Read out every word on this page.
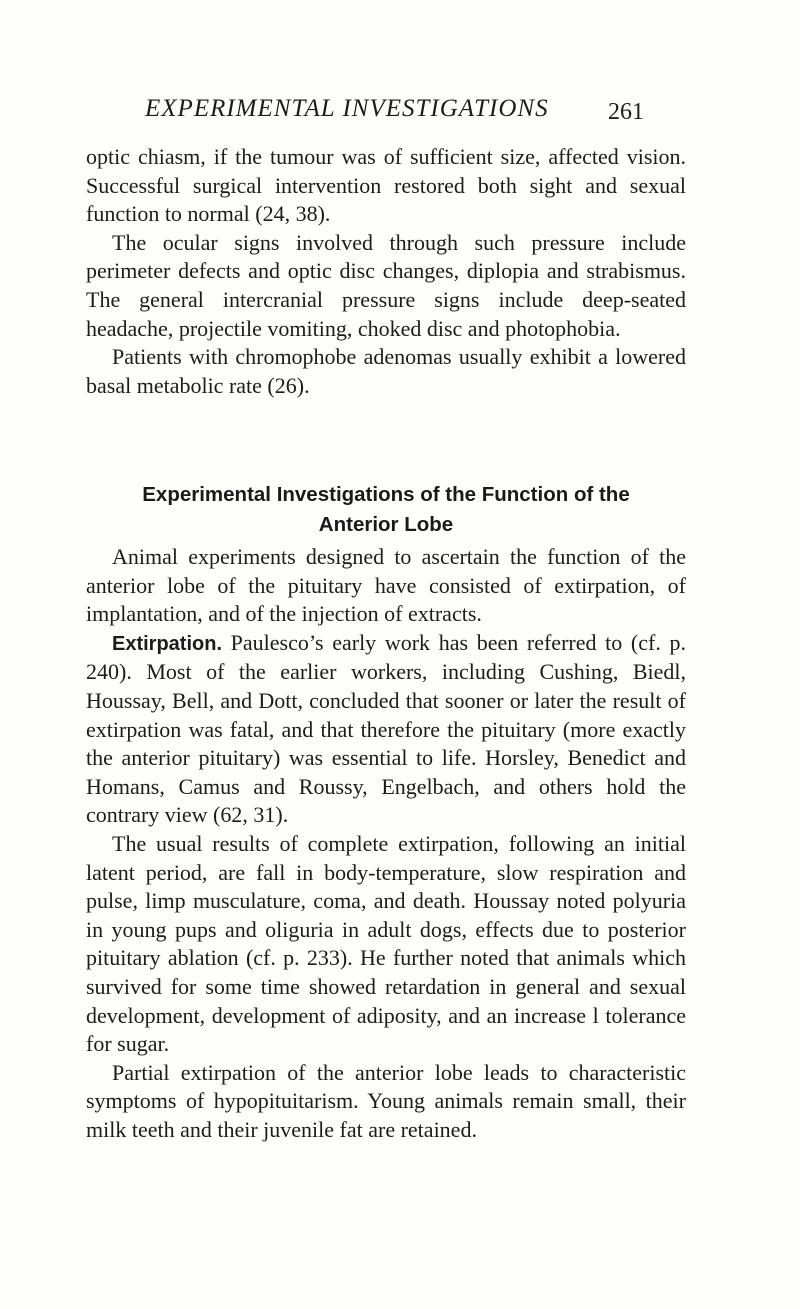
EXPERIMENTAL INVESTIGATIONS	261

optic chiasm, if the tumour was of sufficient size, affected vision. Successful surgical intervention restored both sight and sexual function to normal (24, 38).

The ocular signs involved through such pressure include perimeter defects and optic disc changes, diplopia and strabismus. The general intercranial pressure signs include deep-seated headache, projectile vomiting, choked disc and photophobia.

Patients with chromophobe adenomas usually exhibit a lowered basal metabolic rate (26).

Experimental Investigations of the Function of the
Anterior Lobe

Animal experiments designed to ascertain the function of the anterior lobe of the pituitary have consisted of extirpation, of implantation, and of the injection of extracts.

Extirpation. Paulesco’s early work has been referred to (cf. p. 240). Most of the earlier workers, including Cushing, Biedl, Houssay, Bell, and Dott, concluded that sooner or later the result of extirpation was fatal, and that therefore the pituitary (more exactly the anterior pituitary) was essential to life. Horsley, Benedict and Homans, Camus and Roussy, Engelbach, and others hold the contrary view (62, 31).

The usual results of complete extirpation, following an initial latent period, are fall in body-temperature, slow respiration and pulse, limp musculature, coma, and death. Houssay noted polyuria in young pups and oliguria in adult dogs, effects due to posterior pituitary ablation (cf. p. 233). He further noted that animals which survived for some time showed retardation in general and sexual development, development of adiposity, and an increase l tolerance for sugar.

Partial extirpation of the anterior lobe leads to characteristic symptoms of hypopituitarism. Young animals remain small, their milk teeth and their juvenile fat are retained.
